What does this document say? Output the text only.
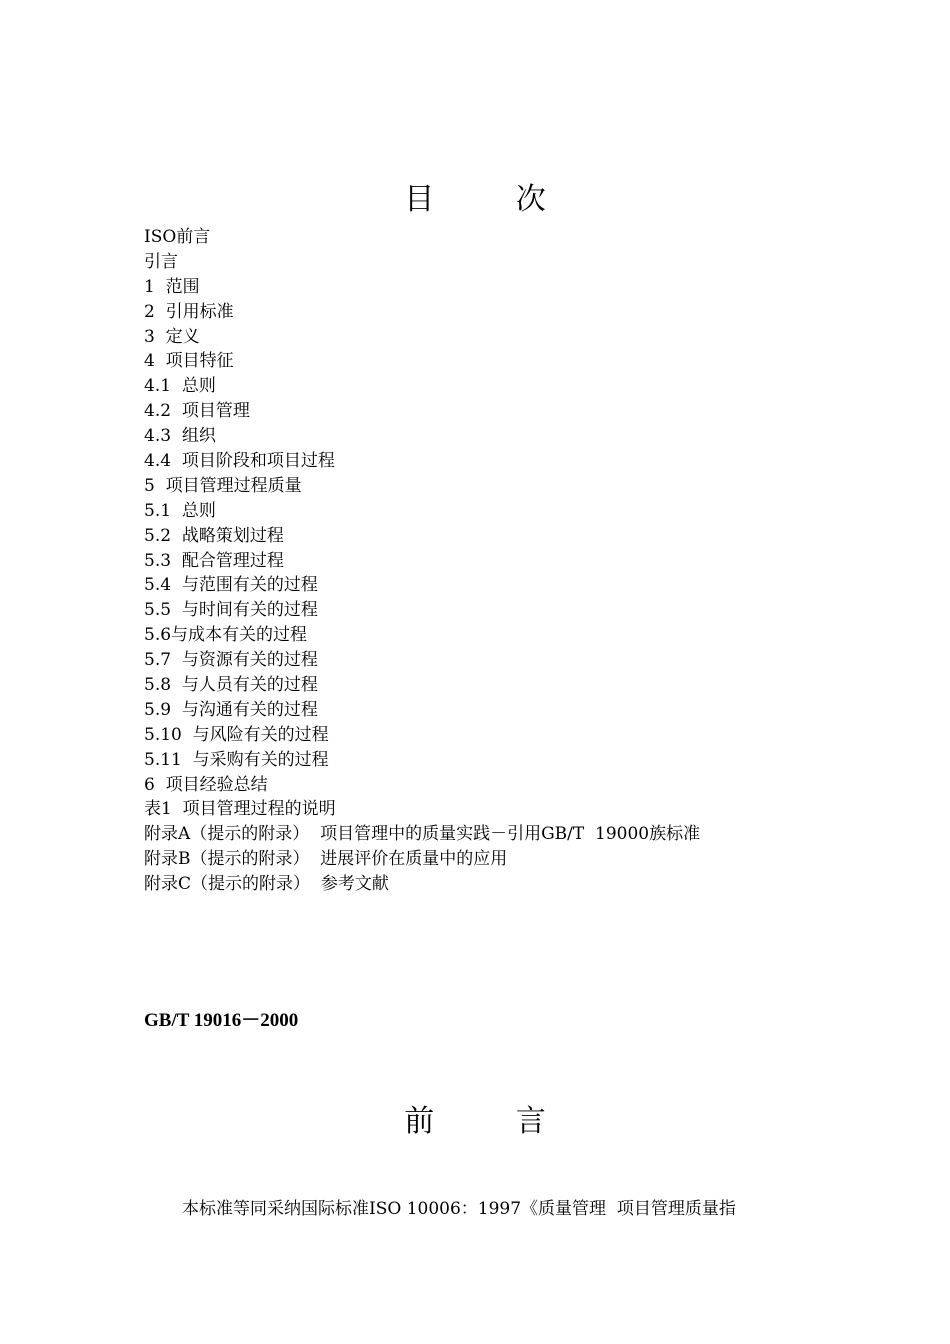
目 次
ISO前言
引言
1  范围
2  引用标准
3  定义
4  项目特征
4.1  总则
4.2  项目管理
4.3  组织
4.4  项目阶段和项目过程
5  项目管理过程质量
5.1  总则
5.2  战略策划过程
5.3  配合管理过程
5.4  与范围有关的过程
5.5  与时间有关的过程
5.6与成本有关的过程
5.7  与资源有关的过程
5.8  与人员有关的过程
5.9  与沟通有关的过程
5.10  与风险有关的过程
5.11  与采购有关的过程
6  项目经验总结
表1  项目管理过程的说明
附录A（提示的附录）  项目管理中的质量实践－引用GB/T  19000族标准
附录B（提示的附录）  进展评价在质量中的应用
附录C（提示的附录）  参考文献
GB/T 19016－2000
前 言
本标准等同采纳国际标准ISO 10006：1997《质量管理  项目管理质量指
